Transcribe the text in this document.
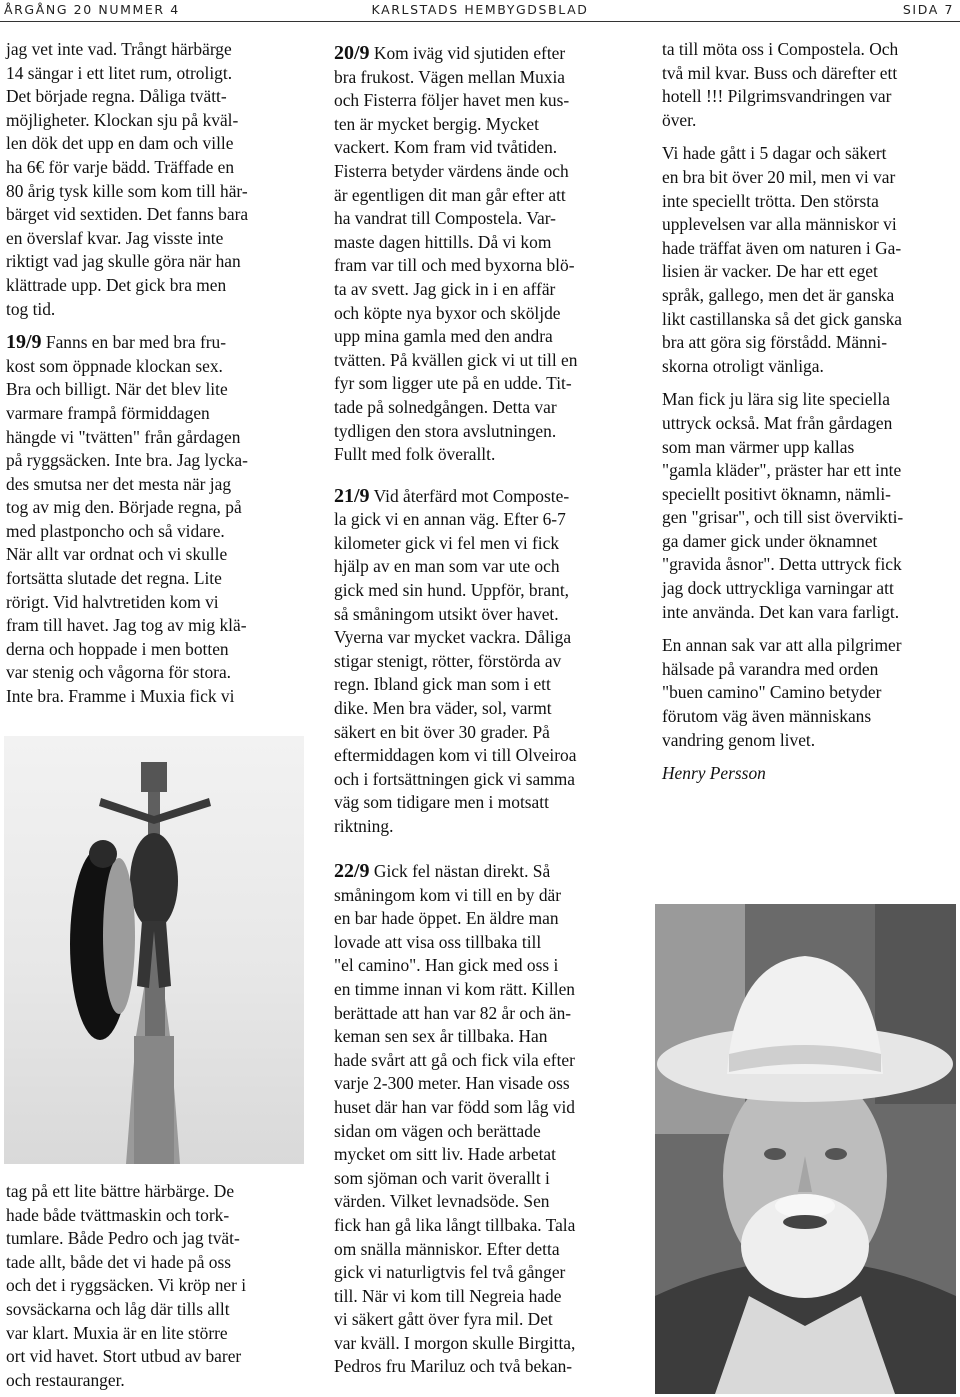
ÅRGÅNG 20 NUMMER 4	KARLSTADS HEMBYGDSBLAD	SIDA 7
jag vet inte vad. Trångt härbärge
14 sängar i ett litet rum, otroligt.
Det började regna. Dåliga tvätt-
möjligheter. Klockan sju på kväl-
len dök det upp en dam och ville
ha 6€ för varje bädd. Träffade en
80 årig tysk kille som kom till här-
bärget vid sextiden. Det fanns bara
en överslaf kvar. Jag visste inte
riktigt vad jag skulle göra när han
klättrade upp. Det gick bra men
tog tid.
19/9 Fanns en bar med bra fru-
kost som öppnade klockan sex.
Bra och billigt. När det blev lite
varmare frampå förmiddagen
hängde vi "tvätten" från gårdagen
på ryggsäcken. Inte bra. Jag lycka-
des smutsa ner det mesta när jag
tog av mig den. Började regna, på
med plastponcho och så vidare.
När allt var ordnat och vi skulle
fortsätta slutade det regna. Lite
rörigt. Vid halvtretiden kom vi
fram till havet. Jag tog av mig klä-
derna och hoppade i men botten
var stenig och vågorna för stora.
Inte bra. Framme i Muxia fick vi
tag på ett lite bättre härbärge. De
hade både tvättmaskin och tork-
tumlare. Både Pedro och jag tvät-
tade allt, både det vi hade på oss
och det i ryggsäcken. Vi kröp ner i
sovsäckarna och låg där tills allt
var klart. Muxia är en lite större
ort vid havet. Stort utbud av barer
och restauranger.
20/9 Kom iväg vid sjutiden efter
bra frukost. Vägen mellan Muxia
och Fisterra följer havet men kus-
ten är mycket bergig. Mycket
vackert. Kom fram vid tvåtiden.
Fisterra betyder värdens ände och
är egentligen dit man går efter att
ha vandrat till Compostela. Var-
maste dagen hittills. Då vi kom
fram var till och med byxorna blö-
ta av svett. Jag gick in i en affär
och köpte nya byxor och sköljde
upp mina gamla med den andra
tvätten. På kvällen gick vi ut till en
fyr som ligger ute på en udde. Tit-
tade på solnedgången. Detta var
tydligen den stora avslutningen.
Fullt med folk överallt.
21/9 Vid återfärd mot Composte-
la gick vi en annan väg. Efter 6-7
kilometer gick vi fel men vi fick
hjälp av en man som var ute och
gick med sin hund. Uppför, brant,
så småningom utsikt över havet.
Vyerna var mycket vackra. Dåliga
stigar stenigt, rötter, förstörda av
regn. Ibland gick man som i ett
dike. Men bra väder, sol, varmt
säkert en bit över 30 grader. På
eftermiddagen kom vi till Olveiroa
och i fortsättningen gick vi samma
väg som tidigare men i motsatt
riktning.
22/9 Gick fel nästan direkt. Så
småningom kom vi till en by där
en bar hade öppet. En äldre man
lovade att visa oss tillbaka till
"el camino". Han gick med oss i
en timme innan vi kom rätt. Killen
berättade att han var 82 år och än-
keman sen sex år tillbaka. Han
hade svårt att gå och fick vila efter
varje 2-300 meter. Han visade oss
huset där han var född som låg vid
sidan om vägen och berättade
mycket om sitt liv. Hade arbetat
som sjöman och varit överallt i
värden. Vilket levnadsöde. Sen
fick han gå lika långt tillbaka. Tala
om snälla människor. Efter detta
gick vi naturligtvis fel två gånger
till. När vi kom till Negreia hade
vi säkert gått över fyra mil. Det
var kväll. I morgon skulle Birgitta,
Pedros fru Mariluz och två bekan-
ta till möta oss i Compostela. Och
två mil kvar. Buss och därefter ett
hotell !!! Pilgrimsvandringen var
över.
Vi hade gått i 5 dagar och säkert
en bra bit över 20 mil, men vi var
inte speciellt trötta. Den största
upplevelsen var alla människor vi
hade träffat även om naturen i Ga-
lisien är vacker. De har ett eget
språk, gallego, men det är ganska
likt castillanska så det gick ganska
bra att göra sig förstådd. Männi-
skorna otroligt vänliga.
Man fick ju lära sig lite speciella
uttryck också. Mat från gårdagen
som man värmer upp kallas
"gamla kläder", präster har ett inte
speciellt positivt öknamn, nämli-
gen "grisar", och till sist övervikti-
ga damer gick under öknamnet
"gravida åsnor". Detta uttryck fick
jag dock uttryckliga varningar att
inte använda. Det kan vara farligt.
En annan sak var att alla pilgrimer
hälsade på varandra med orden
"buen camino" Camino betyder
förutom väg även människans
vandring genom livet.
Henry Persson
